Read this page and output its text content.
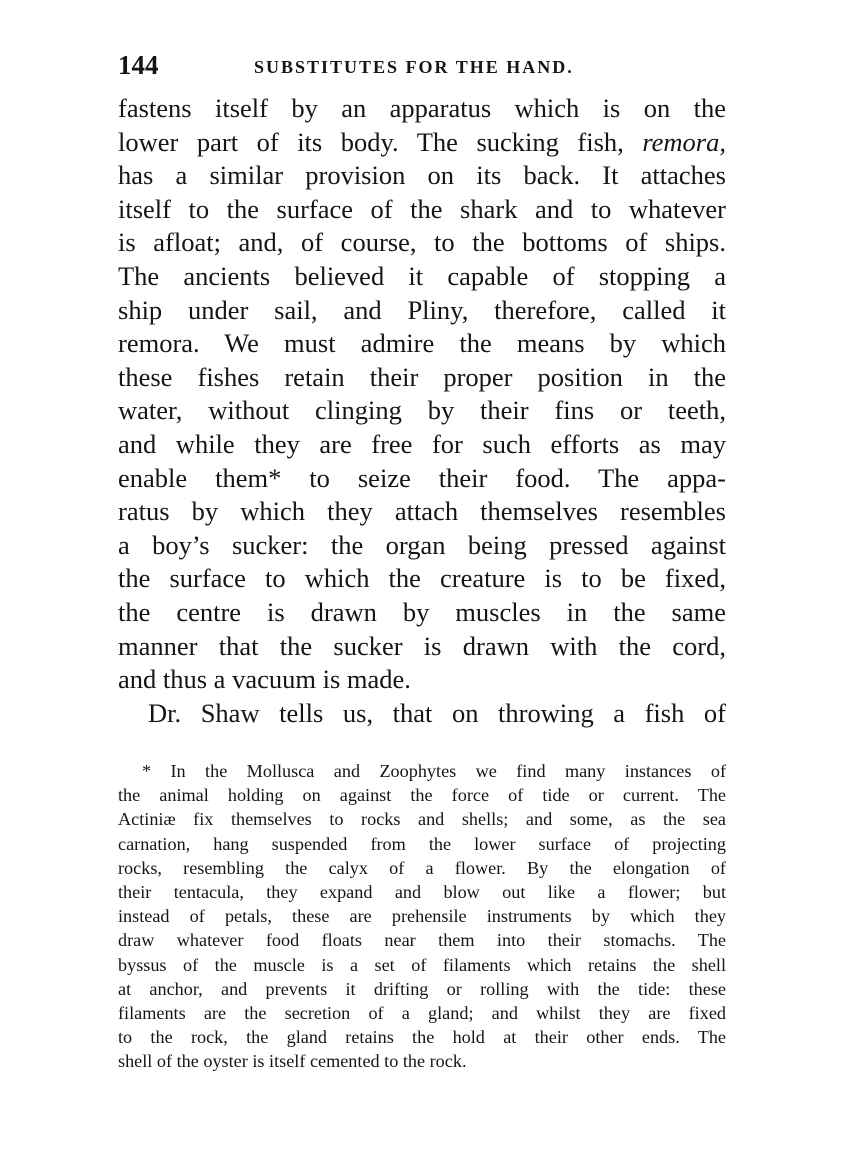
144	SUBSTITUTES FOR THE HAND.
fastens itself by an apparatus which is on the
lower part of its body. The sucking fish, remora,
has a similar provision on its back. It attaches
itself to the surface of the shark and to whatever
is afloat; and, of course, to the bottoms of ships.
The ancients believed it capable of stopping a
ship under sail, and Pliny, therefore, called it
remora. We must admire the means by which
these fishes retain their proper position in the
water, without clinging by their fins or teeth,
and while they are free for such efforts as may
enable them* to seize their food. The appa-
ratus by which they attach themselves resembles
a boy’s sucker: the organ being pressed against
the surface to which the creature is to be fixed,
the centre is drawn by muscles in the same
manner that the sucker is drawn with the cord,
and thus a vacuum is made.
Dr. Shaw tells us, that on throwing a fish of
* In the Mollusca and Zoophytes we find many instances of
the animal holding on against the force of tide or current. The
Actiniæ fix themselves to rocks and shells; and some, as the sea
carnation, hang suspended from the lower surface of projecting
rocks, resembling the calyx of a flower. By the elongation of
their tentacula, they expand and blow out like a flower; but
instead of petals, these are prehensile instruments by which they
draw whatever food floats near them into their stomachs. The
byssus of the muscle is a set of filaments which retains the shell
at anchor, and prevents it drifting or rolling with the tide: these
filaments are the secretion of a gland; and whilst they are fixed
to the rock, the gland retains the hold at their other ends. The
shell of the oyster is itself cemented to the rock.
